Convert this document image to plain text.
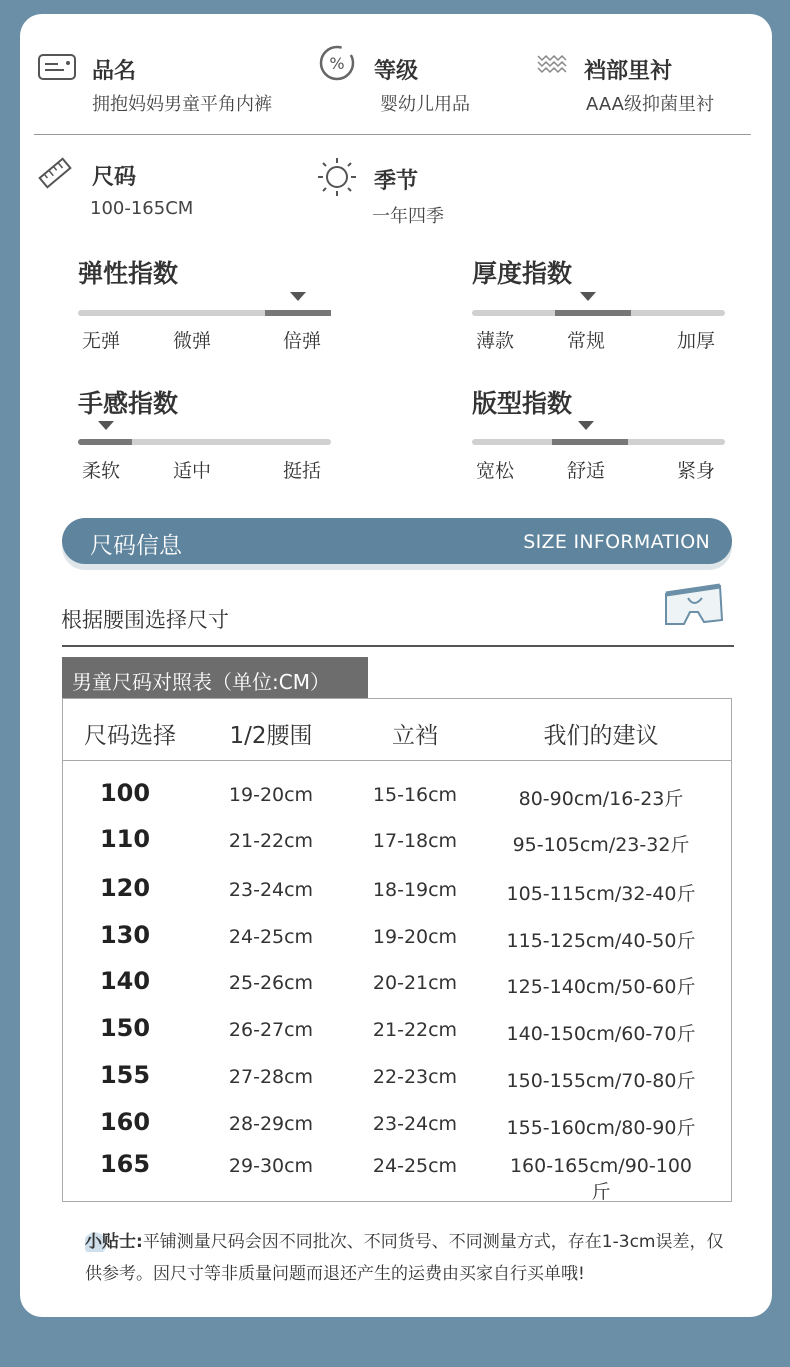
品名
拥抱妈妈男童平角内裤
% 等级
婴幼儿用品
裆部里衬
AAA级抑菌里衬
尺码
100-165CM
季节
一年四季
弹性指数
无弹	微弹	倍弹
厚度指数
薄款	常规	加厚
手感指数
柔软	适中	挺括
版型指数
宽松	舒适	紧身
尺码信息	SIZE INFORMATION
根据腰围选择尺寸
男童尺码对照表（单位:CM）
尺码选择	1/2腰围	立裆	我们的建议
100	19-20cm	15-16cm	80-90cm/16-23斤
110	21-22cm	17-18cm	95-105cm/23-32斤
120	23-24cm	18-19cm	105-115cm/32-40斤
130	24-25cm	19-20cm	115-125cm/40-50斤
140	25-26cm	20-21cm	125-140cm/50-60斤
150	26-27cm	21-22cm	140-150cm/60-70斤
155	27-28cm	22-23cm	150-155cm/70-80斤
160	28-29cm	23-24cm	155-160cm/80-90斤
165	29-30cm	24-25cm	160-165cm/90-100斤
小贴士:平铺测量尺码会因不同批次、不同货号、不同测量方式，存在1-3cm误差，仅供参考。因尺寸等非质量问题而退还产生的运费由买家自行买单哦!
